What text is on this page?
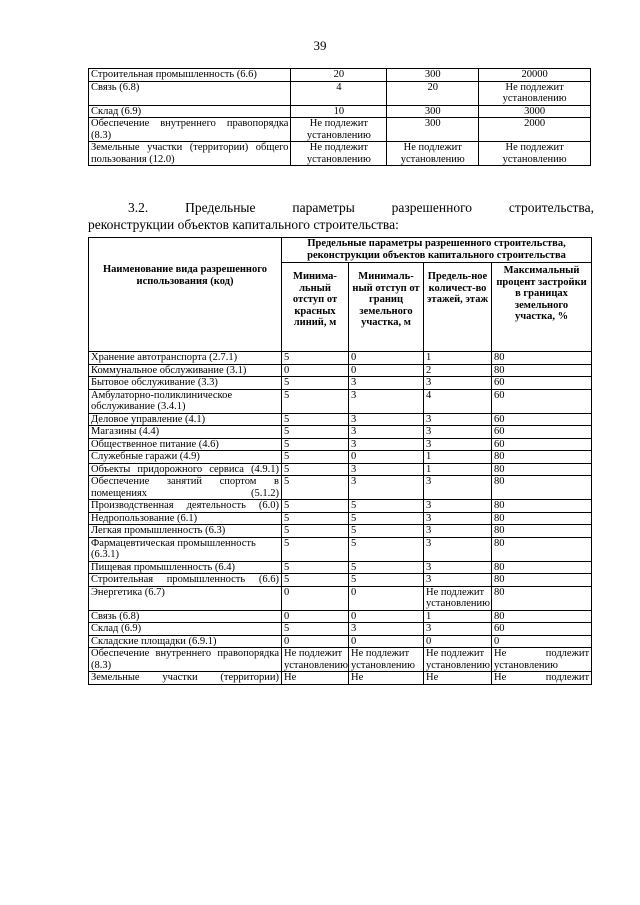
39
Строительная промышленность (6.6)	20	300	20000
Связь (6.8)	4	20	Не подлежит установлению
Склад (6.9)	10	300	3000
Обеспечение внутреннего правопорядка (8.3)	Не подлежит установлению	300	2000
Земельные участки (территории) общего пользования (12.0)	Не подлежит установлению	Не подлежит установлению	Не подлежит установлению
3.2.	Предельные	параметры	разрешенного	строительства,
реконструкции объектов капитального строительства:
Наименование вида разрешенного использования (код)	Предельные параметры разрешенного строительства, реконструкции объектов капитального строительства			
	Минима-льный отступ от красных линий, м	Минималь-ный отступ от границ земельного участка, м	Предель-ное количест-во этажей, этаж	Максимальный процент застройки в границах земельного участка, %
Хранение автотранспорта (2.7.1)	5	0	1	80
Коммунальное обслуживание (3.1)	0	0	2	80
Бытовое обслуживание (3.3)	5	3	3	60
Амбулаторно-поликлиническое обслуживание (3.4.1)	5	3	4	60
Деловое управление (4.1)	5	3	3	60
Магазины (4.4)	5	3	3	60
Общественное питание (4.6)	5	3	3	60
Служебные гаражи (4.9)	5	0	1	80
Объекты придорожного сервиса (4.9.1)	5	3	1	80
Обеспечение занятий спортом в помещениях (5.1.2)	5	3	3	80
Производственная деятельность (6.0)	5	5	3	80
Недропользование (6.1)	5	5	3	80
Легкая промышленность (6.3)	5	5	3	80
Фармацевтическая промышленность (6.3.1)	5	5	3	80
Пищевая промышленность (6.4)	5	5	3	80
Строительная промышленность (6.6)	5	5	3	80
Энергетика (6.7)	0	0	Не подлежит установлению	80
Связь (6.8)	0	0	1	80
Склад (6.9)	5	3	3	60
Складские площадки (6.9.1)	0	0	0	0
Обеспечение внутреннего правопорядка (8.3)	Не подлежит установлению	Не подлежит установлению	Не подлежит установлению	Не подлежит установлению
Земельные участки (территории)	Не	Не	Не	Не подлежит
